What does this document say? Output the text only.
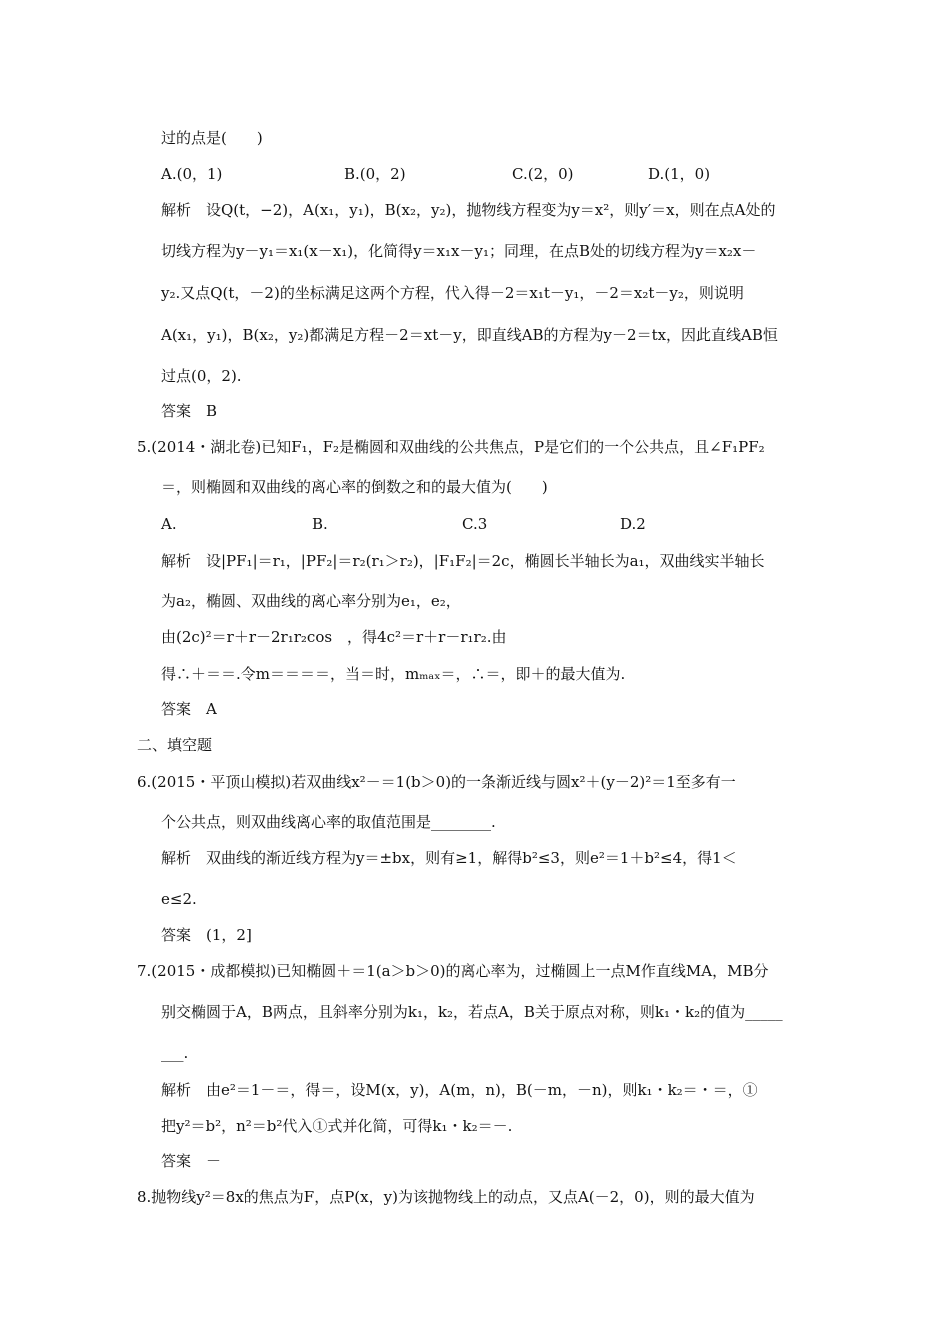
过的点是(　　)
A.(0，1)	B.(0，2)	C.(2，0)	D.(1，0)
解析　设Q(t，−2)，A(x₁，y₁)，B(x₂，y₂)，抛物线方程变为y＝x²，则y′＝x，则在点A处的
切线方程为y－y₁＝x₁(x－x₁)，化简得y＝x₁x－y₁；同理，在点B处的切线方程为y＝x₂x－
y₂.又点Q(t，－2)的坐标满足这两个方程，代入得－2＝x₁t－y₁，－2＝x₂t－y₂，则说明
A(x₁，y₁)，B(x₂，y₂)都满足方程－2＝xt－y，即直线AB的方程为y－2＝tx，因此直线AB恒
过点(0，2).
答案　B
5.(2014・湖北卷)已知F₁，F₂是椭圆和双曲线的公共焦点，P是它们的一个公共点，且∠F₁PF₂
＝，则椭圆和双曲线的离心率的倒数之和的最大值为(　　)
A.	B.	C.3	D.2
解析　设|PF₁|＝r₁，|PF₂|＝r₂(r₁＞r₂)，|F₁F₂|＝2c，椭圆长半轴长为a₁，双曲线实半轴长
为a₂，椭圆、双曲线的离心率分别为e₁，e₂，
由(2c)²＝r＋r－2r₁r₂cos　，得4c²＝r＋r－r₁r₂.由
得∴＋＝＝.令m＝＝＝＝，当＝时，mₘₐₓ＝，∴＝，即＋的最大值为.
答案　A
二、填空题
6.(2015・平顶山模拟)若双曲线x²－＝1(b＞0)的一条渐近线与圆x²＋(y－2)²＝1至多有一
个公共点，则双曲线离心率的取值范围是________.
解析　双曲线的渐近线方程为y＝±bx，则有≥1，解得b²≤3，则e²＝1＋b²≤4，得1＜
e≤2.
答案　(1，2]
7.(2015・成都模拟)已知椭圆＋＝1(a＞b＞0)的离心率为，过椭圆上一点M作直线MA，MB分
别交椭圆于A，B两点，且斜率分别为k₁，k₂，若点A，B关于原点对称，则k₁・k₂的值为_____
___.
解析　由e²＝1－＝，得＝，设M(x，y)，A(m，n)，B(－m，－n)，则k₁・k₂＝・＝，①
把y²＝b²，n²＝b²代入①式并化简，可得k₁・k₂＝－.
答案　－
8.抛物线y²＝8x的焦点为F，点P(x，y)为该抛物线上的动点，又点A(－2，0)，则的最大值为
